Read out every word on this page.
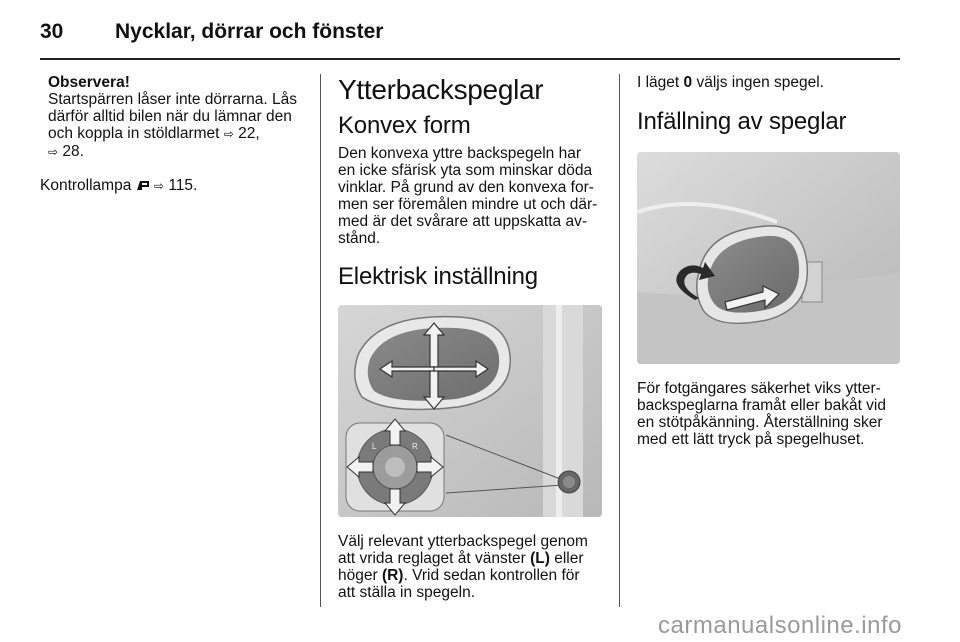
30 Nycklar, dörrar och fönster
Observera!

Startspärren låser inte dörrarna. Lås
därför alltid bilen när du lämnar den
och koppla in stöldlarmet ⇨ 22,
⇨ 28.

Kontrollampa ⇨ 115.

Ytterbackspeglar
Konvex form

Den konvexa yttre backspegeln har
en icke sfärisk yta som minskar döda
vinklar. På grund av den konvexa for-
men ser föremålen mindre ut och där-
med är det svårare att uppskatta av-
stånd.

Elektrisk inställning
L	R

Välj relevant ytterbackspegel genom
att vrida reglaget åt vänster (L) eller
höger (R). Vrid sedan kontrollen för
att ställa in spegeln.

I läget 0 väljs ingen spegel.

Infällning av speglar

För fotgängares säkerhet viks ytter-
backspeglarna framåt eller bakåt vid
en stötpåkänning. Återställning sker
med ett lätt tryck på spegelhuset.

carmanualsonline.info
